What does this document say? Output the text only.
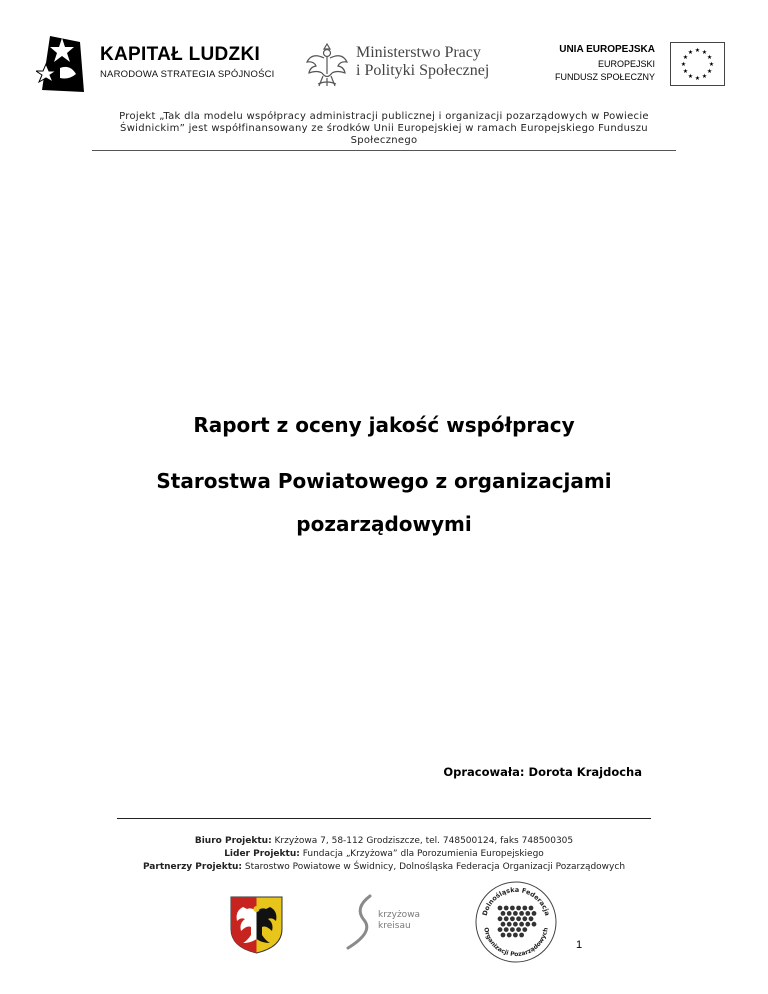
KAPITAŁ LUDZKI
NARODOWA STRATEGIA SPÓJNOŚCI
Ministerstwo Pracy
i Polityki Społecznej
UNIA EUROPEJSKA
EUROPEJSKI
FUNDUSZ SPOŁECZNY
★ ★
★
★
★
★
★
★
★
★
★
★
Projekt „Tak dla modelu współpracy administracji publicznej i organizacji pozarządowych w Powiecie
Świdnickim” jest współfinansowany ze środków Unii Europejskiej w ramach Europejskiego Funduszu
Społecznego
Raport z oceny jakość współpracy
Starostwa Powiatowego z organizacjami
pozarządowymi
Opracowała: Dorota Krajdocha
Biuro Projektu: Krzyżowa 7, 58-112 Grodziszcze, tel. 748500124, faks 748500305
Lider Projektu: Fundacja „Krzyżowa” dla Porozumienia Europejskiego
Partnerzy Projektu: Starostwo Powiatowe w Świdnicy, Dolnośląska Federacja Organizacji Pozarządowych
krzyżowa
kreisau
Dolnośląska Federacja
Organizacji Pozarządowych
1
